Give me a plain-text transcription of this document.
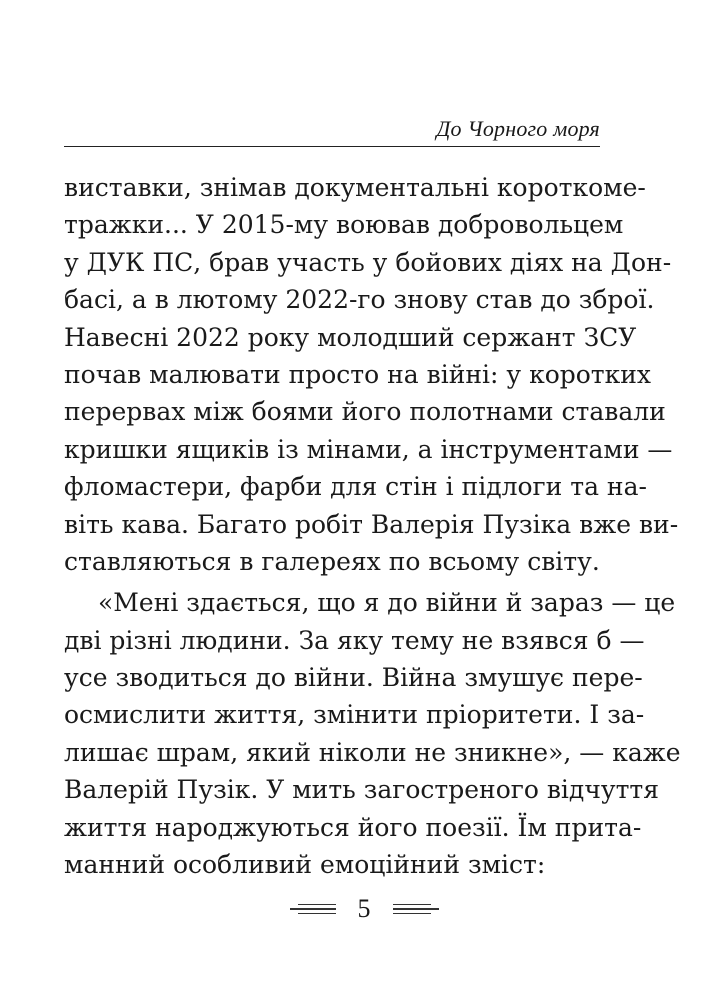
До Чорного моря
виставки, знімав документальні короткоме-
тражки... У 2015-му воював добровольцем
у ДУК ПС, брав участь у бойових діях на Дон-
басі, а в лютому 2022-го знову став до зброї.
Навесні 2022 року молодший сержант ЗСУ
почав малювати просто на війні: у коротких
перервах між боями його полотнами ставали
кришки ящиків із мінами, а інструментами —
фломастери, фарби для стін і підлоги та на-
віть кава. Багато робіт Валерія Пузіка вже ви-
ставляються в галереях по всьому світу.
«Мені здається, що я до війни й зараз — це
дві різні людини. За яку тему не взявся б —
усе зводиться до війни. Війна змушує пере-
осмислити життя, змінити пріоритети. І за-
лишає шрам, який ніколи не зникне», — каже
Валерій Пузік. У мить загостреного відчуття
життя народжуються його поезії. Їм прита-
манний особливий емоційний зміст:
5
